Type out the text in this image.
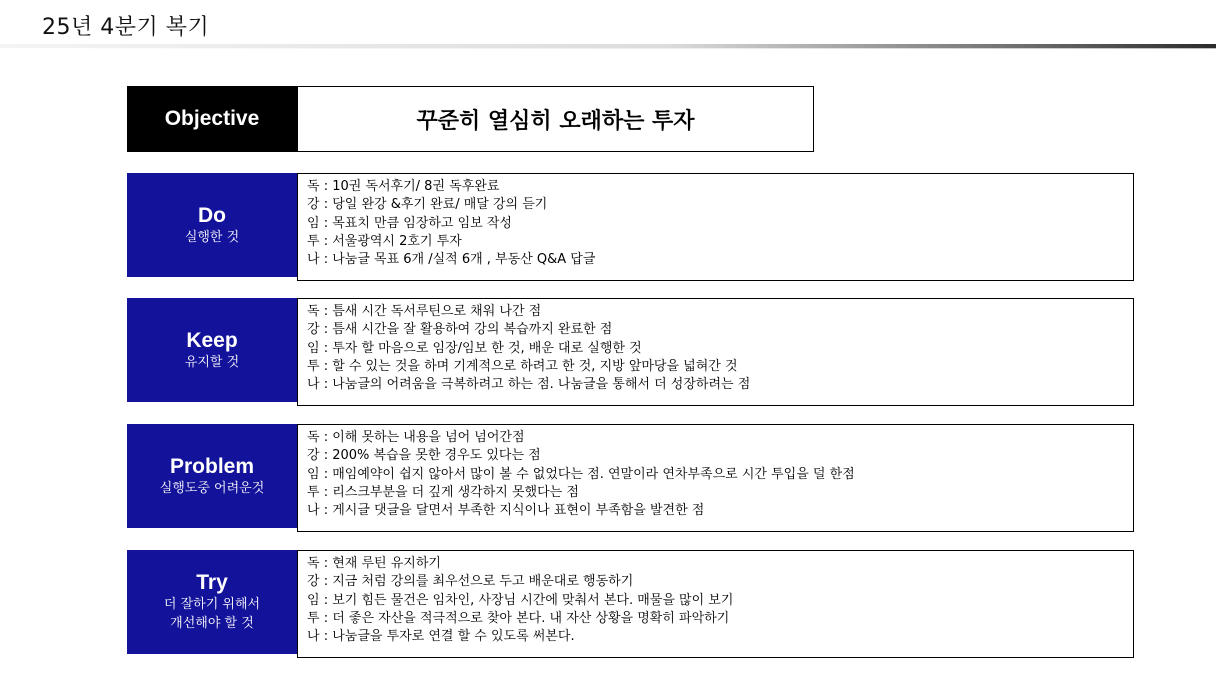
25년 4분기 복기
Objective	꾸준히 열심히 오래하는 투자
Do
실행한 것
독 : 10권 독서후기/ 8권 독후완료
강 : 당일 완강 &후기 완료/ 매달 강의 듣기
임 : 목표치 만큼 임장하고 임보 작성
투 : 서울광역시 2호기 투자
나 : 나눔글 목표 6개 /실적 6개 , 부동산 Q&A 답글
Keep
유지할 것
독 : 틈새 시간 독서루틴으로 채워 나간 점
강 : 틈새 시간을 잘 활용하여 강의 복습까지 완료한 점
임 : 투자 할 마음으로 임장/임보 한 것, 배운 대로 실행한 것
투 : 할 수 있는 것을 하며 기계적으로 하려고 한 것, 지방 앞마당을 넓혀간 것
나 : 나눔글의 어려움을 극복하려고 하는 점. 나눔글을 통해서 더 성장하려는 점
Problem
실행도중 어려운것
독 : 이해 못하는 내용을 넘어 넘어간점
강 : 200% 복습을 못한 경우도 있다는 점
임 : 매임예약이 쉽지 않아서 많이 볼 수 없었다는 점. 연말이라 연차부족으로 시간 투입을 덜 한점
투 : 리스크부분을 더 깊게 생각하지 못했다는 점
나 : 게시글 댓글을 달면서 부족한 지식이나 표현이 부족함을 발견한 점
Try
더 잘하기 위해서
개선해야 할 것
독 : 현재 루틴 유지하기
강 : 지금 처럼 강의를 최우선으로 두고 배운대로 행동하기
임 : 보기 힘든 물건은 임차인, 사장님 시간에 맞춰서 본다. 매물을 많이 보기
투 : 더 좋은 자산을 적극적으로 찾아 본다. 내 자산 상황을 명확히 파악하기
나 : 나눔글을 투자로 연결 할 수 있도록 써본다.
